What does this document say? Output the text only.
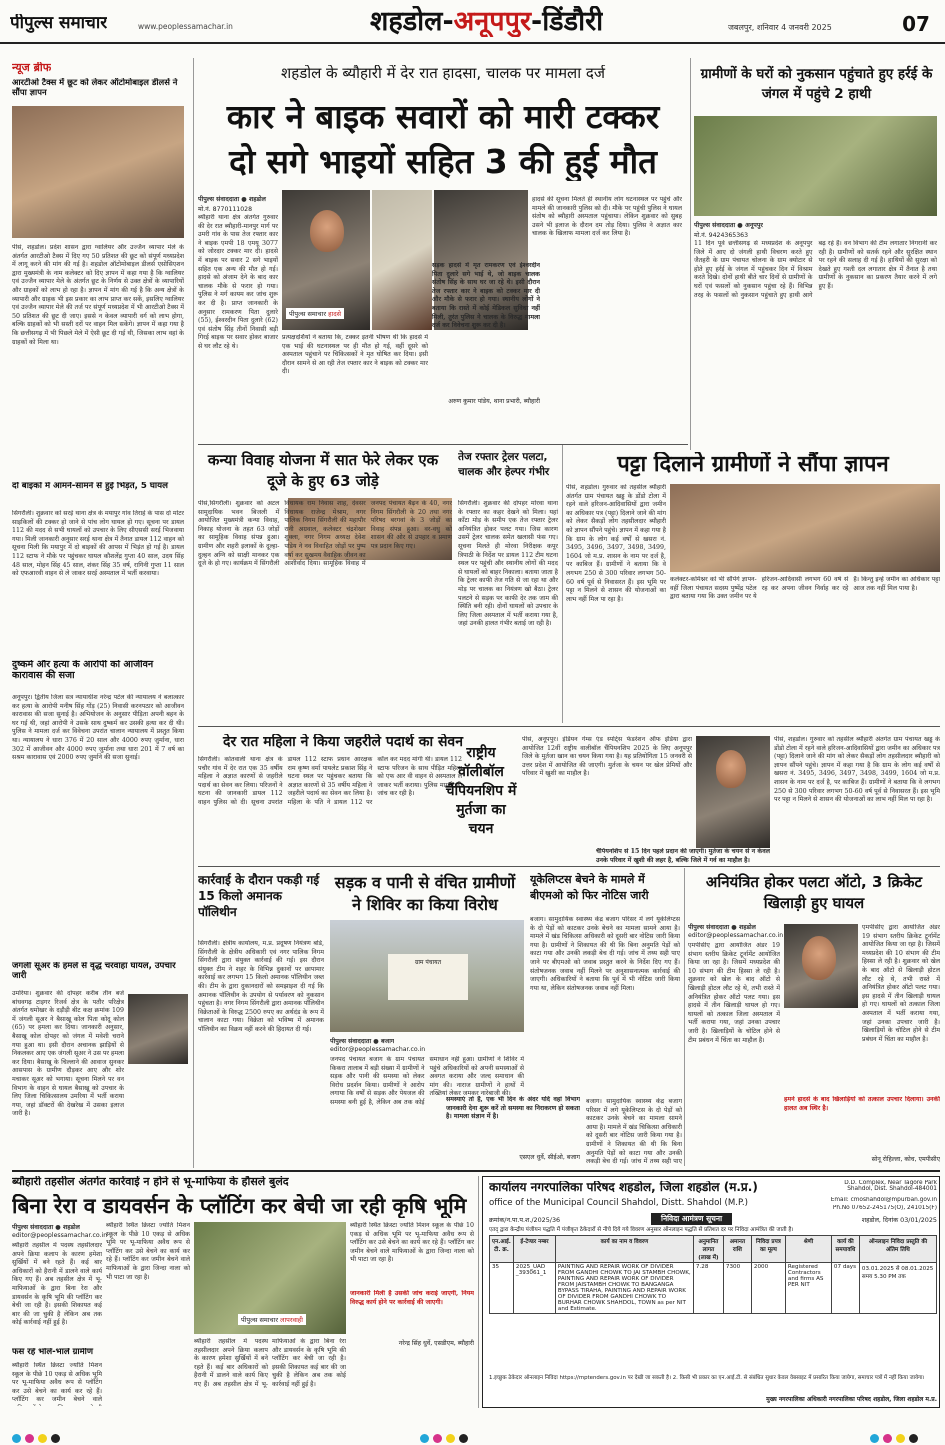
पीपुल्स समाचार	www.peoplessamachar.in	शहडोल-अनूपपुर-डिंडौरी	जबलपुर, शनिवार 4 जनवरी 2025	07
न्यूज ब्रीफ
आरटीओ टैक्स में छूट को लेकर ऑटोमोबाइल डीलर्स ने सौंपा ज्ञापन
पीसं, शहडोल। प्रदेश शासन द्वारा ग्वालियर और उज्जैन व्यापार मेले के अंतर्गत आरटीओ टैक्स में दिए गए 50 प्रतिशत की छूट को संपूर्ण मध्यप्रदेश में लागू करने की मांग की गई है। शहडोल ऑटोमोबाइल डीलर्स एसोसिएशन द्वारा मुख्यमंत्री के नाम कलेक्टर को दिए ज्ञापन में कहा गया है कि ग्वालियर एवं उज्जैन व्यापार मेले के अंतर्गत छूट के निर्णय से उक्त क्षेत्रों के व्यापारियों और ग्राहकों को लाभ हो रहा है। ज्ञापन में मांग की गई है कि अन्य क्षेत्रों के व्यापारी और ग्राहक भी इस प्रकार का लाभ प्राप्त कर सकें, इसलिए ग्वालियर एवं उज्जैन व्यापार मेले की तर्ज पर संपूर्ण मध्यप्रदेश में भी आरटीओ टैक्स में 50 प्रतिशत की छूट दी जाए। इससे न केवल व्यापारी वर्ग को लाभ होगा, बल्कि ग्राहकों को भी सस्ती दरों पर वाहन मिल सकेंगे। ज्ञापन में कहा गया है कि छत्तीसगढ़ में भी पिछले मेले में ऐसी छूट दी गई थी, जिसका लाभ वहां के ग्राहकों को मिला था।
दो बाइकों में आमने-सामने से हुई भिड़ंत, 5 घायल
सिंगरौली। शुक्रवार को सरई थाना क्षेत्र के मयापुर गांव तिराहे के पास दो मोटर साइकिलों की टक्कर हो जाने से पांच लोग घायल हो गए। सूचना पर डायल 112 की मदद से सभी घायलों को उपचार के लिए सीएससी सरई भिजवाया गया। मिली जानकारी अनुसार सरई थाना क्षेत्र में तैनात डायल 112 वाहन को सूचना मिली कि मयापुर में दो बाइकों की आपस में भिड़ंत हो गई है। डायल 112 स्टाफ ने मौके पर पहुंचकर घायल कौशलेंद्र गुप्ता 40 साल, उदय सिंह 48 साल, मोहन सिंह 45 साल, शंकर सिंह 35 वर्ष, रागिनी गुप्ता 11 साल को एफआरवी वाहन से ले जाकर सरई अस्पताल में भर्ती करवाया।
दुष्कर्म और हत्या के आरोपी को आजीवन कारावास की सजा
अनूपपुर। द्वितीय जिला सत्र न्यायाधीश नरेन्द्र पटेल की न्यायालय ने बलात्कार कर हत्या के आरोपी मनीष सिंह गोंड़ (25) निवासी करनपठार को आजीवन कारावास की सजा सुनाई है। अभियोजन के अनुसार पीड़िता अपनी बहन के घर गई थी, जहां आरोपी ने उसके साथ दुष्कर्म कर उसकी हत्या कर दी थी। पुलिस ने मामला दर्ज कर विवेचना उपरांत चालान न्यायालय में प्रस्तुत किया था। न्यायालय ने धारा 376 में 20 साल और 4000 रुपए जुर्माना, धारा 302 में आजीवन और 4000 रुपए जुर्माना तथा धारा 201 में 7 वर्ष का सश्रम कारावास एवं 2000 रुपए जुर्माने की सजा सुनाई।
जंगली सूअर के हमले से वृद्ध चरवाहा घायल, उपचार जारी
उमरिया। शुक्रवार की दोपहर करीब तीन बजे बांधवगढ़ टाइगर रिजर्व क्षेत्र के पतौर परिक्षेत्र अंतर्गत धमोखर के दड़ौड़ी बीट कक्ष क्रमांक 109 में जंगली सूअर ने बैसाखू कोल पिता कोदू कोल (65) पर हमला कर दिया। जानकारी अनुसार, बैसाखू कोल दोपहर को जंगल में मवेशी चराने गया हुआ था। इसी दौरान अचानक झाड़ियों से निकलकर आए एक जंगली सूअर ने उस पर हमला कर दिया। बैसाखू के चिल्लाने की आवाज सुनकर आसपास के ग्रामीण दौड़कर आए और शोर मचाकर सूअर को भगाया। सूचना मिलने पर वन विभाग के वाहन से घायल बैसाखू को उपचार के लिए जिला चिकित्सालय उमरिया में भर्ती कराया गया, जहां डॉक्टरों की देखरेख में उसका इलाज जारी है।
शहडोल के ब्यौहारी में देर रात हादसा, चालक पर मामला दर्ज
कार ने बाइक सवारों को मारी टक्कर
दो सगे भाइयों सहित 3 की हुई मौत
पीपुल्स संवाददाता ● शहडोल
मो.नं. 8770111028
ब्यौहारी थाना क्षेत्र अंतर्गत गुरुवार की देर रात ब्यौहारी-मानपुर मार्ग पर उमरी गांव के पास तेज रफ्तार कार ने बाइक एमपी 18 एमयू 3077 को जोरदार टक्कर मार दी। हादसे में बाइक पर सवार 2 सगे भाइयों सहित एक अन्य की मौत हो गई। हादसे को अंजाम देने के बाद कार चालक मौके से फरार हो गया। पुलिस ने मर्ग कायम कर जांच शुरू कर दी है। प्राप्त जानकारी के अनुसार रामकरण पिता दुलारे (55), ईश्वरदीन पिता दुलारे (62) एवं संतोष सिंह तीनों निवासी बड़ी गिरई बाइक पर सवार होकर बाजार से घर लौट रहे थे।
पीपुल्स समाचार हादसे
प्रत्यक्षदर्शियों ने बताया कि, टक्कर इतनी भीषण थी कि हादसे में एक भाई की घटनास्थल पर ही मौत हो गई, वहीं दूसरे को अस्पताल पहुंचाने पर चिकित्सकों ने मृत घोषित कर दिया। इसी दौरान सामने से आ रही तेज रफ्तार कार ने बाइक को टक्कर मार दी।
हादसे की सूचना मिलते ही स्थानीय लोग घटनास्थल पर पहुंचे और मामले की जानकारी पुलिस को दी। मौके पर पहुंची पुलिस ने घायल संतोष को ब्यौहारी अस्पताल पहुंचाया। लेकिन शुक्रवार को सुबह उसने भी इलाज के दौरान दम तोड़ दिया। पुलिस ने अज्ञात कार चालक के खिलाफ मामला दर्ज कर लिया है।
सड़क हादसे में मृत रामकरण एवं ईश्वरदीन पिता दुलारे सगे भाई थे, जो बाइक चालक संतोष सिंह के साथ घर जा रहे थे। इसी दौरान तेज रफ्तार कार ने बाइक को टक्कर मार दी और मौके से फरार हो गया। स्थानीय लोगों ने बताया कि रास्ते में कोई मेडिकल सुविधा नहीं मिली, तुरंत पुलिस ने चालक के विरुद्ध मामला दर्ज कर विवेचना शुरू कर दी है।
अरुण कुमार पांडेय, थाना प्रभारी, ब्यौहारी
ग्रामीणों के घरों को नुकसान पहुंचाते हुए हर्रई के जंगल में पहुंचे 2 हाथी
पीपुल्स संवाददाता ● अनूपपुर
मो.नं. 9424365363
11 दिन पूर्व छत्तीसगढ़ से मध्यप्रदेश के अनूपपुर जिले में आए दो जंगली हाथी विचरण करते हुए जैतहरी के ग्राम पंचायत चोलना के ग्राम क्योटार से होते हुए हर्रई के जंगल में पहुंचकर दिन में विश्राम करते दिखे। दोनों हाथी बीते चार दिनों से ग्रामीणों के घरों एवं फसलों को नुकसान पहुंचा रहे हैं। विभिन्न तरह के फसलों को नुकसान पहुंचाते हुए हाथी आगे बढ़ रहे हैं। वन विभाग की टीम लगातार निगरानी कर रही है। ग्रामीणों को सतर्क रहने और सुरक्षित स्थान पर रहने की सलाह दी गई है। हाथियों की सुरक्षा को देखते हुए गश्ती दल लगातार क्षेत्र में तैनात है तथा ग्रामीणों के नुकसान का प्रकरण तैयार करने में लगे हुए हैं।
कन्या विवाह योजना में सात फेरे लेकर एक दूजे के हुए 63 जोड़े
पीसं,सिंगरौली। शुक्रवार को अटल सामुदायिक भवन बिजली में आयोजित मुख्यमंत्री कन्या विवाह, निकाह योजना के तहत 63 जोड़ों का सामूहिक विवाह संपन्न हुआ। ग्रामीण और शहरी इलाकों के दूल्हा-दुल्हन अग्नि को साक्षी मानकर एक दूजे के हो गए। कार्यक्रम में सिंगरौली विधायक राम निवास शाह, देवसर विधायक राजेन्द्र मेश्राम, नगर पालिक निगम सिंगरौली की महापौर रानी अग्रवाल, कलेक्टर चंद्रशेखर शुक्ला, नगर निगम अध्यक्ष देवेश पांडेय ने नव विवाहित जोड़ों पर पुष्प वर्षा कर सुखमय वैवाहिक जीवन का आशीर्वाद दिया। सामूहिक विवाह में जनपद पंचायत बैढ़न के 40, नगर निगम सिंगरौली के 20 तथा नगर परिषद बरगवां के 3 जोड़ों का विवाह संपन्न हुआ। वर-वधु को शासन की ओर से उपहार व प्रमाण पत्र प्रदान किए गए।
तेज रफ्तार ट्रेलर पलटा, चालक और हेल्पर गंभीर
सिंगरौली। शुक्रवार की दोपहर मोरवा थाना के रफ्तार का कहर देखने को मिला। यहां काँटा मोड़ के समीप एक तेज रफ्तार ट्रेलर अनियंत्रित होकर पलट गया। जिस कारण उसमें ट्रेलर चालक समेत खलासी फंस गए। सूचना मिलते ही मोरवा निरीक्षक कपूर त्रिपाठी के निर्देश पर डायल 112 टीम घटना स्थल पर पहुंची और स्थानीय लोगों की मदद से घायलों को बाहर निकाला। बताया जाता है कि ट्रेलर काफी तेज गति से जा रहा था और मोड़ पर चालक का नियंत्रण खो बैठा। ट्रेलर पलटने से सड़क पर काफी देर तक जाम की स्थिति बनी रही। दोनों घायलों को उपचार के लिए जिला अस्पताल में भर्ती कराया गया है, जहां उनकी हालत गंभीर बताई जा रही है।
पट्टा दिलाने ग्रामीणों ने सौंपा ज्ञापन
पीसं, शहडोल। गुरुवार को तहसील ब्यौहारी अंतर्गत ग्राम पंचायत खड्ड के डोंडो टोला में रहने वाले हरिजन-आदिवासियों द्वारा जमीन का अधिकार पत्र (पट्टा) दिलाने जाने की मांग को लेकर सैकड़ों लोग तहसीलदार ब्यौहारी को ज्ञापन सौंपने पहुंचे। ज्ञापन में कहा गया है कि ग्राम के लोग कई वर्षों से खसरा नं. 3495, 3496, 3497, 3498, 3499, 1604 जो म.प्र. शासन के नाम पर दर्ज है, पर काबिज हैं। ग्रामीणों ने बताया कि वे लगभग 250 से 300 परिवार लगभग 50-60 वर्ष पूर्व से निवासरत हैं। इस भूमि पर पट्टा न मिलने से शासन की योजनाओं का लाभ नहीं मिल पा रहा है।
कलेक्टर-कमिश्नर को भी सौंपेंगे ज्ञापन- वहीं जिला पंचायत सदस्य पुष्पेंद्र पटेल द्वारा बताया गया कि उक्त जमीन पर ये हरिजन-आदिवासी लगभग 60 वर्ष से रह कर अपना जीवन निर्वाह कर रहे हैं। किन्तु इन्हें जमीन का अधिकार पट्टा आज तक नहीं मिल पाया है।
देर रात महिला ने किया जहरीले पदार्थ का सेवन
सिंगरौली। कोतवाली थाना क्षेत्र के पचौर गांव में देर रात एक 35 वर्षीय महिला ने अज्ञात कारणों से जहरीले पदार्थ का सेवन कर लिया। परिजनों ने घटना की जानकारी डायल 112 वाहन पुलिस को दी। सूचना उपरांत डायल 112 स्टाफ प्रधान आरक्षक राम कृष्ण वर्मा पायलेट प्रकाश सिंह ने घटना स्थल पर पहुंचकर बताया कि अज्ञात कारणों से 35 वर्षीय महिला ने जहरीले पदार्थ का सेवन कर लिया है। महिला के पति ने डायल 112 पर कॉल कर मदद मांगी थी। डायल 112 स्टाफ परिजन के साथ पीड़ित महिला को एफ आर वी वाहन से अस्पताल ले जाकर भर्ती कराया। पुलिस मामले की जांच कर रही है।
राष्ट्रीय वॉलीबॉल चैंपियनशिप में मुर्तजा का चयन
पीसं, अनूपपुर। इंडियन गेम्स एंड स्पोर्ट्स फेडरेशन ऑफ इंडिया द्वारा आयोजित 12वीं राष्ट्रीय वालीबॉल चैंपियनशिप 2025 के लिए अनूपपुर जिले के मुर्तजा खान का चयन किया गया है। यह प्रतियोगिता 15 जनवरी से उत्तर प्रदेश में आयोजित की जाएगी। मुर्तजा के चयन पर खेल प्रेमियों और परिवार में खुशी का माहौल है।
चैंपियनशिप से 15 दिन पहले प्रदान की जाएगी। मुर्तजा के चयन से न केवल उनके परिवार में खुशी की लहर है, बल्कि जिले में गर्व का माहौल है।
पीसं, शहडोल। गुरुवार को तहसील ब्यौहारी अंतर्गत ग्राम पंचायत खड्ड के डोंडो टोला में रहने वाले हरिजन-आदिवासियों द्वारा जमीन का अधिकार पत्र (पट्टा) दिलाने जाने की मांग को लेकर सैकड़ों लोग तहसीलदार ब्यौहारी को ज्ञापन सौंपने पहुंचे। ज्ञापन में कहा गया है कि ग्राम के लोग कई वर्षों से खसरा नं. 3495, 3496, 3497, 3498, 3499, 1604 जो म.प्र. शासन के नाम पर दर्ज है, पर काबिज हैं। ग्रामीणों ने बताया कि वे लगभग 250 से 300 परिवार लगभग 50-60 वर्ष पूर्व से निवासरत हैं। इस भूमि पर पट्टा न मिलने से शासन की योजनाओं का लाभ नहीं मिल पा रहा है।
कार्रवाई के दौरान पकड़ी गई 15 किलो अमानक पॉलिथीन
सिंगरौली। क्षेत्रीय कार्यालय, म.प्र. प्रदूषण नियंत्रण बोर्ड, सिंगरौली के क्षेत्रीय अधिकारी एवं नगर पालिक निगम सिंगरौली द्वारा संयुक्त कार्रवाई की गई। इस दौरान संयुक्त टीम ने शहर के विभिन्न दुकानों पर छापामार कार्रवाई कर लगभग 15 किलो अमानक पॉलिथीन जब्त की। टीम के द्वारा दुकानदारों को समझाइश दी गई कि अमानक पॉलिथीन के उपयोग से पर्यावरण को नुकसान पहुंचता है। नगर निगम सिंगरौली द्वारा अमानक पॉलिथीन विक्रेताओं के विरुद्ध 2500 रुपए का अर्थदंड के रूप में चालान काटा गया। विक्रेता को भविष्य में अमानक पॉलिथीन का विक्रय नहीं करने की हिदायत दी गई।
सड़क व पानी से वंचित ग्रामीणों ने शिविर का किया विरोध
ग्राम पंचायत
पीपुल्स संवाददाता ● बजाग
editor@peoplessamachar.co.in
जनपद पंचायत बजाग के ग्राम पंचायत किकरा तालाब में बड़ी संख्या में ग्रामीणों ने सड़क और पानी की समस्या को लेकर विरोध प्रदर्शन किया। ग्रामीणों ने आरोप लगाया कि वर्षों से सड़क और पेयजल की समस्या बनी हुई है, लेकिन अब तक कोई समाधान नहीं हुआ। ग्रामीणों ने शिविर में पहुंचे अधिकारियों को अपनी समस्याओं से अवगत कराया और जल्द समाधान की मांग की। नाराज ग्रामीणों ने हाथों में तख्तियां लेकर जमकर नारेबाजी की।
यूकेलिप्टस बेचने के मामले में बीएमओ को फिर नोटिस जारी
बजाग। सामुदायिक स्वास्थ्य केंद्र बजाग परिसर में लगे यूकेलिप्टस के दो पेड़ों को काटकर उनके बेचने का मामला सामने आया है। मामले में खंड चिकित्सा अधिकारी को दूसरी बार नोटिस जारी किया गया है। ग्रामीणों ने शिकायत की थी कि बिना अनुमति पेड़ों को काटा गया और उनकी लकड़ी बेच दी गई। जांच में तथ्य सही पाए जाने पर बीएमओ को जवाब प्रस्तुत करने के निर्देश दिए गए हैं। संतोषजनक जवाब नहीं मिलने पर अनुशासनात्मक कार्रवाई की जाएगी। अधिकारियों ने बताया कि पूर्व में भी नोटिस जारी किया गया था, लेकिन संतोषजनक जवाब नहीं मिला।
समस्याएं तो हैं, एक भी दिन के अंदर यदि वहां विभाग जानकारी देना शुरू करें तो समस्या का निराकरण हो सकता है। मामला संज्ञान में है।
एसएल धुर्वे, सीईओ, बजाग
बजाग। सामुदायिक स्वास्थ्य केंद्र बजाग परिसर में लगे यूकेलिप्टस के दो पेड़ों को काटकर उनके बेचने का मामला सामने आया है। मामले में खंड चिकित्सा अधिकारी को दूसरी बार नोटिस जारी किया गया है। ग्रामीणों ने शिकायत की थी कि बिना अनुमति पेड़ों को काटा गया और उनकी लकड़ी बेच दी गई। जांच में तथ्य सही पाए
अनियंत्रित होकर पलटा ऑटो, 3 क्रिकेट खिलाड़ी हुए घायल
पीपुल्स संवाददाता ● शहडोल
editor@peoplessamachar.co.in
एमपीसीए द्वारा आयोजित अंडर 19 संभाग स्तरीय क्रिकेट टूर्नामेंट आयोजित किया जा रहा है। जिसमें मध्यप्रदेश की 10 संभाग की टीम हिस्सा ले रही है। शुक्रवार को खेल के बाद ऑटो से खिलाड़ी होटल लौट रहे थे, तभी रास्ते में अनियंत्रित होकर ऑटो पलट गया। इस हादसे में तीन खिलाड़ी घायल हो गए। घायलों को तत्काल जिला अस्पताल में भर्ती कराया गया, जहां उनका उपचार जारी है। खिलाड़ियों के चोटिल होने से टीम प्रबंधन में चिंता का माहौल है।
एमपीसीए द्वारा आयोजित अंडर 19 संभाग स्तरीय क्रिकेट टूर्नामेंट आयोजित किया जा रहा है। जिसमें मध्यप्रदेश की 10 संभाग की टीम हिस्सा ले रही है। शुक्रवार को खेल के बाद ऑटो से खिलाड़ी होटल लौट रहे थे, तभी रास्ते में अनियंत्रित होकर ऑटो पलट गया। इस हादसे में तीन खिलाड़ी घायल हो गए। घायलों को तत्काल जिला अस्पताल में भर्ती कराया गया, जहां उनका उपचार जारी है। खिलाड़ियों के चोटिल होने से टीम प्रबंधन में चिंता का माहौल है।
हमने हादसे के बाद खिलाड़ियों को तत्काल उपचार दिलाया। उनकी हालत अब स्थिर है।
सोनू रोहिल्ला, कोच, एमपीसीए
ब्यौहारी तहसील अंतर्गत कार्रवाई न होने से भू-माफिया के हौसले बुलंद
बिना रेरा व डायवर्सन के प्लॉटिंग कर बेची जा रही कृषि भूमि
पीपुल्स संवाददाता ● शहडोल
editor@peoplessamachar.co.in
ब्यौहारी तहसील में पदस्थ तहसीलदार अपने क्रिया कलाप के कारण हमेशा सुर्खियों में बने रहते हैं। कई बार अधिकारों को हैरानी में डालने वाले कार्य किए गए हैं। अब तहसील क्षेत्र में भू-माफियाओं के द्वारा बिना रेरा और डायवर्सन के कृषि भूमि की प्लॉटिंग कर बेची जा रही है। इसकी शिकायत कई बार की जा चुकी है लेकिन अब तक कोई कार्रवाई नहीं हुई है।
फंस रहे भोले-भाले ग्रामीण
ब्यौहारी स्थित क्रिस्टा ज्योति मिशन स्कूल के पीछे 10 एकड़ से अधिक भूमि पर भू-माफिया अवैध रूप से प्लॉटिंग कर उसे बेचने का कार्य कर रहे हैं। प्लॉटिंग कर जमीन बेचने वाले
ब्यौहारी स्थित क्रिस्टा ज्योति मिशन स्कूल के पीछे 10 एकड़ से अधिक भूमि पर भू-माफिया अवैध रूप से प्लॉटिंग कर उसे बेचने का कार्य कर रहे हैं। प्लॉटिंग कर जमीन बेचने वाले माफियाओं के द्वारा जिन्दा नाला को भी पाटा जा रहा है।
पीपुल्स समाचार लापरवाही
ब्यौहारी तहसील में पदस्थ तहसीलदार अपने क्रिया कलाप के कारण हमेशा सुर्खियों में बने रहते हैं। कई बार अधिकारों को हैरानी में डालने वाले कार्य किए गए हैं। अब तहसील क्षेत्र में भू-माफियाओं के द्वारा बिना रेरा और डायवर्सन के कृषि भूमि की प्लॉटिंग कर बेची जा रही है। इसकी शिकायत कई बार की जा चुकी है लेकिन अब तक कोई कार्रवाई नहीं हुई है।
ब्यौहारी स्थित क्रिस्टा ज्योति मिशन स्कूल के पीछे 10 एकड़ से अधिक भूमि पर भू-माफिया अवैध रूप से प्लॉटिंग कर उसे बेचने का कार्य कर रहे हैं। प्लॉटिंग कर जमीन बेचने वाले माफियाओं के द्वारा जिन्दा नाला को भी पाटा जा रहा है।
जानकारी मिली है उसकी जांच कराई जाएगी, नियम विरुद्ध कार्य होने पर कार्रवाई की जाएगी।
नरेन्द्र सिंह धुर्वे, एसडीएम, ब्यौहारी
कार्यालय नगरपालिका परिषद शहडोल, जिला शहडोल (म.प्र.)
office of the Municipal Council Shahdol, Distt. Shahdol (M.P.)
D.D. Complex, Near Tagore Park Shahdol, Dist. Shahdol-484001
Email: cmoshahdol@mpurban.gov.in
Ph.No 07652-245175(O), 241015(F)
क्रमांक/न.पा.प.श./2025/36	निविदा आमंत्रण सूचना	शहडोल, दिनांक 03/01/2025
एतद् द्वारा केन्द्रीय पंजीयन पद्धति में पंजीकृत ठेकेदारों से नीचे दिये गये विवरण अनुसार ऑनलाइन पद्धति से प्रतिशत दर पर निविदा आमंत्रित की जाती है।
एन.आई. टी. क्र.	ई-टेण्डर नम्बर	कार्य का नाम व विवरण	अनुमानित लागत (लाख में)	अमानत राशि	निविदा प्रपत्र का मूल्य	श्रेणी	कार्य की समयावधि	ऑनलाइन निविदा प्रस्तुति की अंतिम तिथि
35	2025_UAD _393061_1	PAINTING AND REPAIR WORK OF DIVIDER FROM GANDHI CHOWK TO JAI STAMBH CHOWK, PAINTING AND REPAIR WORK OF DIVIDER FROM JAISTAMBH CHOWK TO BANGANGA BYPASS TIRAHA, PAINTING AND REPAIR WORK OF DIVIDER FROM GANDHI CHOWK TO BURHAR CHOWK SHAHDOL, TOWN as per NIT and Estimate.	7.28	7300	2000	Registered Contractors and firms AS PER NIT	07 days	03.01.2025 से 08.01.2025 समय 5.30 PM तक
1.इच्छुक ठेकेदार ऑनलाइन निविदा https://mptenders.gov.in पर देखी जा सकती है। 2. किसी भी प्रकार का एन.आई.टी. से संबंधित सुधार केवल वेबसाइट में प्रसारित किया जायेगा, समाचार पत्रों में नहीं किया जायेगा।
मुख्य नगरपालिका अधिकारी नगरपालिका परिषद शहडोल, जिला शहडोल म.प्र.
